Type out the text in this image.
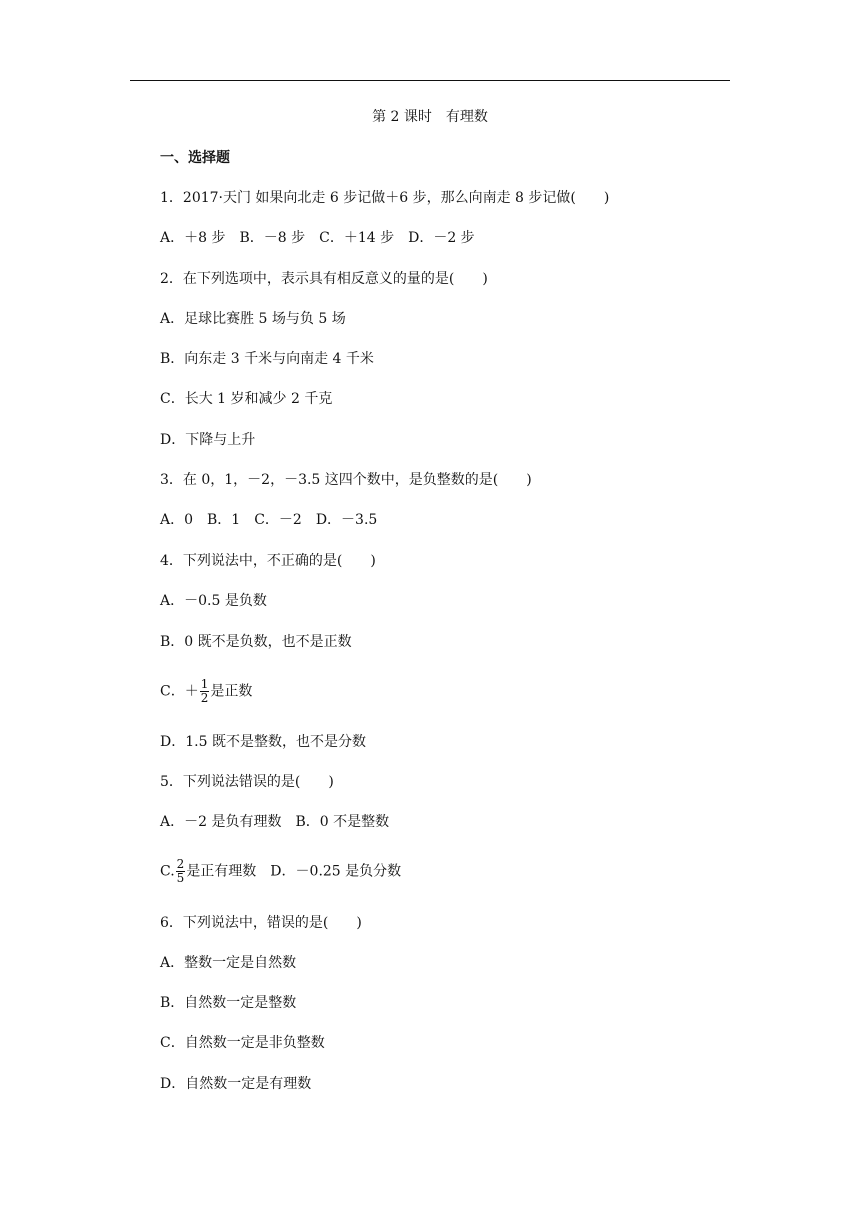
第 2 课时　有理数
一、选择题
1．2017·天门 如果向北走 6 步记做＋6 步，那么向南走 8 步记做(　　)
A．＋8 步　B．－8 步　C．＋14 步　D．－2 步
2．在下列选项中，表示具有相反意义的量的是(　　)
A．足球比赛胜 5 场与负 5 场
B．向东走 3 千米与向南走 4 千米
C．长大 1 岁和减少 2 千克
D．下降与上升
3．在 0，1，－2，－3.5 这四个数中，是负整数的是(　　)
A．0　B．1　C．－2　D．－3.5
4．下列说法中，不正确的是(　　)
A．－0.5 是负数
B．0 既不是负数，也不是正数
C．＋ $\frac{1}{2}$ 是正数
D．1.5 既不是整数，也不是分数
5．下列说法错误的是(　　)
A．－2 是负有理数　B．0 不是整数
C. $\frac{2}{5}$ 是正有理数　D．－0.25 是负分数
6．下列说法中，错误的是(　　)
A．整数一定是自然数
B．自然数一定是整数
C．自然数一定是非负整数
D．自然数一定是有理数
